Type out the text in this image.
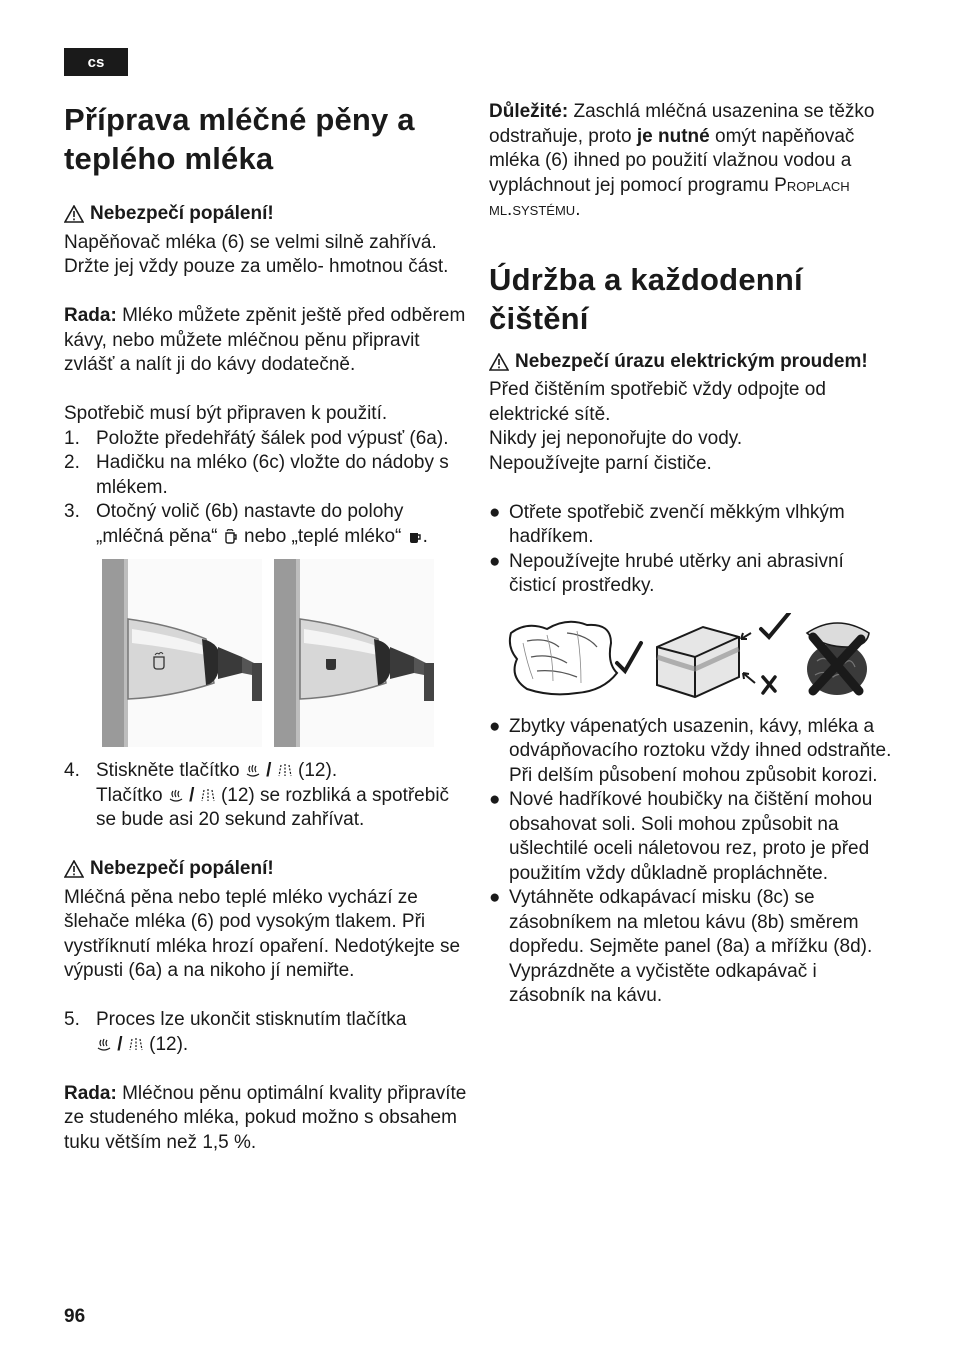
cs
Příprava mléčné pěny a teplého mléka
Nebezpečí popálení!

Napěňovač mléka (6) se velmi silně zahřívá. Držte jej vždy pouze za umělo- hmotnou část.

Rada: Mléko můžete zpěnit ještě před odběrem kávy, nebo můžete mléčnou pěnu připravit zvlášť a nalít ji do kávy dodatečně.

Spotřebič musí být připraven k použití.

1. Položte předehřátý šálek pod výpusť (6a).
2. Hadičku na mléko (6c) vložte do nádoby s mlékem.
3. Otočný volič (6b) nastavte do polohy „mléčná pěna“  nebo „teplé mléko“ .
4. Stiskněte tlačítko  /  (12).
Tlačítko  /  (12) se rozbliká a spotřebič se bude asi 20 sekund zahřívat.
Nebezpečí popálení!

Mléčná pěna nebo teplé mléko vychází ze šlehače mléka (6) pod vysokým tlakem. Při vystříknutí mléka hrozí opaření. Nedotýkejte se výpusti (6a) a na nikoho jí nemiřte.

5. Proces lze ukončit stisknutím tlačítka
/  (12).

Rada: Mléčnou pěnu optimální kvality připravíte ze studeného mléka, pokud možno s obsahem tuku větším než 1,5 %.

Důležité: Zaschlá mléčná usazenina se těžko odstraňuje, proto je nutné omýt napěňovač mléka (6) ihned po použití vlažnou vodou a vypláchnout jej pomocí programu Proplach ml.systému.

Údržba a každodenní čištění
Nebezpečí úrazu elektrickým proudem!

Před čištěním spotřebič vždy odpojte od elektrické sítě.

Nikdy jej neponořujte do vody.

Nepoužívejte parní čističe.

● Otřete spotřebič zvenčí měkkým vlhkým hadříkem.
● Nepoužívejte hrubé utěrky ani abrasivní čisticí prostředky.
● Zbytky vápenatých usazenin, kávy, mléka a odvápňovacího roztoku vždy ihned odstraňte. Při delším působení mohou způsobit korozi.
● Nové hadříkové houbičky na čištění mohou obsahovat soli. Soli mohou způsobit na ušlechtilé oceli náletovou rez, proto je před použitím vždy důkladně propláchněte.
● Vytáhněte odkapávací misku (8c) se zásobníkem na mletou kávu (8b) směrem dopředu. Sejměte panel (8a) a mřížku (8d). Vyprázdněte a vyčistěte odkapávač i zásobník na kávu.
96
